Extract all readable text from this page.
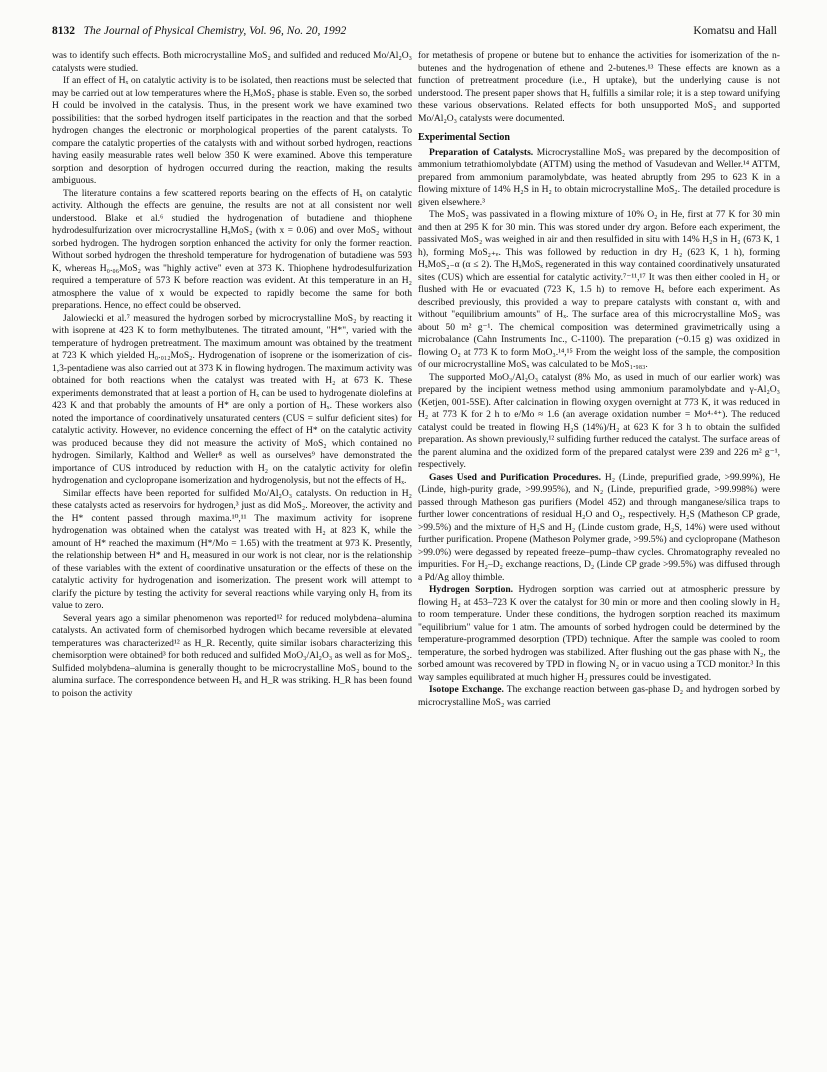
8132 The Journal of Physical Chemistry, Vol. 96, No. 20, 1992	Komatsu and Hall

was to identify such effects. Both microcrystalline MoS₂ and sulfided and reduced Mo/Al₂O₃ catalysts were studied.

If an effect of Hₓ on catalytic activity is to be isolated, then reactions must be selected that may be carried out at low temperatures where the HₓMoS₂ phase is stable. Even so, the sorbed H could be involved in the catalysis. Thus, in the present work we have examined two possibilities: that the sorbed hydrogen itself participates in the reaction and that the sorbed hydrogen changes the electronic or morphological properties of the parent catalysts. To compare the catalytic properties of the catalysts with and without sorbed hydrogen, reactions having easily measurable rates well below 350 K were examined. Above this temperature sorption and desorption of hydrogen occurred during the reaction, making the results ambiguous.

The literature contains a few scattered reports bearing on the effects of Hₓ on catalytic activity. Although the effects are genuine, the results are not at all consistent nor well understood. Blake et al.⁶ studied the hydrogenation of butadiene and thiophene hydrodesulfurization over microcrystalline HₓMoS₂ (with x = 0.06) and over MoS₂ without sorbed hydrogen. The hydrogen sorption enhanced the activity for only the former reaction. Without sorbed hydrogen the threshold temperature for hydrogenation of butadiene was 593 K, whereas H₀.₀₆MoS₂ was "highly active" even at 373 K. Thiophene hydrodesulfurization required a temperature of 573 K before reaction was evident. At this temperature in an H₂ atmosphere the value of x would be expected to rapidly become the same for both preparations. Hence, no effect could be observed.

Jalowiecki et al.⁷ measured the hydrogen sorbed by microcrystalline MoS₂ by reacting it with isoprene at 423 K to form methylbutenes. The titrated amount, "H*", varied with the temperature of hydrogen pretreatment. The maximum amount was obtained by the treatment at 723 K which yielded H₀.₀₁₂MoS₂. Hydrogenation of isoprene or the isomerization of cis-1,3-pentadiene was also carried out at 373 K in flowing hydrogen. The maximum activity was obtained for both reactions when the catalyst was treated with H₂ at 673 K. These experiments demonstrated that at least a portion of Hₓ can be used to hydrogenate diolefins at 423 K and that probably the amounts of H* are only a portion of Hₓ. These workers also noted the importance of coordinatively unsaturated centers (CUS = sulfur deficient sites) for catalytic activity. However, no evidence concerning the effect of H* on the catalytic activity was produced because they did not measure the activity of MoS₂ which contained no hydrogen. Similarly, Kalthod and Weller⁸ as well as ourselves⁹ have demonstrated the importance of CUS introduced by reduction with H₂ on the catalytic activity for olefin hydrogenation and cyclopropane isomerization and hydrogenolysis, but not the effects of Hₓ.

Similar effects have been reported for sulfided Mo/Al₂O₃ catalysts. On reduction in H₂ these catalysts acted as reservoirs for hydrogen,³ just as did MoS₂. Moreover, the activity and the H* content passed through maxima.¹⁰,¹¹ The maximum activity for isoprene hydrogenation was obtained when the catalyst was treated with H₂ at 823 K, while the amount of H* reached the maximum (H*/Mo = 1.65) with the treatment at 973 K. Presently, the relationship between H* and Hₓ measured in our work is not clear, nor is the relationship of these variables with the extent of coordinative unsaturation or the effects of these on the catalytic activity for hydrogenation and isomerization. The present work will attempt to clarify the picture by testing the activity for several reactions while varying only Hₓ from its value to zero.

Several years ago a similar phenomenon was reported¹² for reduced molybdena–alumina catalysts. An activated form of chemisorbed hydrogen which became reversible at elevated temperatures was characterized¹² as H_R. Recently, quite similar isobars characterizing this chemisorption were obtained³ for both reduced and sulfided MoO₃/Al₂O₃ as well as for MoS₂. Sulfided molybdena–alumina is generally thought to be microcrystalline MoS₂ bound to the alumina surface. The correspondence between Hₓ and H_R was striking. H_R has been found to poison the activity

for metathesis of propene or butene but to enhance the activities for isomerization of the n-butenes and the hydrogenation of ethene and 2-butenes.¹³ These effects are known as a function of pretreatment procedure (i.e., H uptake), but the underlying cause is not understood. The present paper shows that Hₓ fulfills a similar role; it is a step toward unifying these various observations. Related effects for both unsupported MoS₂ and supported Mo/Al₂O₃ catalysts were documented.

Experimental Section

Preparation of Catalysts. Microcrystalline MoS₂ was prepared by the decomposition of ammonium tetrathiomolybdate (ATTM) using the method of Vasudevan and Weller.¹⁴ ATTM, prepared from ammonium paramolybdate, was heated abruptly from 295 to 623 K in a flowing mixture of 14% H₂S in H₂ to obtain microcrystalline MoS₂. The detailed procedure is given elsewhere.³

The MoS₂ was passivated in a flowing mixture of 10% O₂ in He, first at 77 K for 30 min and then at 295 K for 30 min. This was stored under dry argon. Before each experiment, the passivated MoS₂ was weighed in air and then resulfided in situ with 14% H₂S in H₂ (673 K, 1 h), forming MoS₂₊ₑ. This was followed by reduction in dry H₂ (623 K, 1 h), forming HₓMoS₂₋α (α ≤ 2). The HₓMoSₓ regenerated in this way contained coordinatively unsaturated sites (CUS) which are essential for catalytic activity.⁷⁻¹¹,¹⁷ It was then either cooled in H₂ or flushed with He or evacuated (723 K, 1.5 h) to remove Hₓ before each experiment. As described previously, this provided a way to prepare catalysts with constant α, with and without "equilibrium amounts" of Hₓ. The surface area of this microcrystalline MoS₂ was about 50 m² g⁻¹. The chemical composition was determined gravimetrically using a microbalance (Cahn Instruments Inc., C-1100). The preparation (~0.15 g) was oxidized in flowing O₂ at 773 K to form MoO₃.¹⁴,¹⁵ From the weight loss of the sample, the composition of our microcrystalline MoSₓ was calculated to be MoS₁.₉₈₃.

The supported MoO₃/Al₂O₃ catalyst (8% Mo, as used in much of our earlier work) was prepared by the incipient wetness method using ammonium paramolybdate and γ-Al₂O₃ (Ketjen, 001-5SE). After calcination in flowing oxygen overnight at 773 K, it was reduced in H₂ at 773 K for 2 h to e/Mo ≈ 1.6 (an average oxidation number = Mo⁴·⁴⁺). The reduced catalyst could be treated in flowing H₂S (14%)/H₂ at 623 K for 3 h to obtain the sulfided preparation. As shown previously,¹² sulfiding further reduced the catalyst. The surface areas of the parent alumina and the oxidized form of the prepared catalyst were 239 and 226 m² g⁻¹, respectively.

Gases Used and Purification Procedures. H₂ (Linde, prepurified grade, >99.99%), He (Linde, high-purity grade, >99.995%), and N₂ (Linde, prepurified grade, >99.998%) were passed through Matheson gas purifiers (Model 452) and through manganese/silica traps to further lower concentrations of residual H₂O and O₂, respectively. H₂S (Matheson CP grade, >99.5%) and the mixture of H₂S and H₂ (Linde custom grade, H₂S, 14%) were used without further purification. Propene (Matheson Polymer grade, >99.5%) and cyclopropane (Matheson >99.0%) were degassed by repeated freeze–pump–thaw cycles. Chromatography revealed no impurities. For H₂–D₂ exchange reactions, D₂ (Linde CP grade >99.5%) was diffused through a Pd/Ag alloy thimble.

Hydrogen Sorption. Hydrogen sorption was carried out at atmospheric pressure by flowing H₂ at 453–723 K over the catalyst for 30 min or more and then cooling slowly in H₂ to room temperature. Under these conditions, the hydrogen sorption reached its maximum "equilibrium" value for 1 atm. The amounts of sorbed hydrogen could be determined by the temperature-programmed desorption (TPD) technique. After the sample was cooled to room temperature, the sorbed hydrogen was stabilized. After flushing out the gas phase with N₂, the sorbed amount was recovered by TPD in flowing N₂ or in vacuo using a TCD monitor.³ In this way samples equilibrated at much higher H₂ pressures could be investigated.

Isotope Exchange. The exchange reaction between gas-phase D₂ and hydrogen sorbed by microcrystalline MoS₂ was carried
